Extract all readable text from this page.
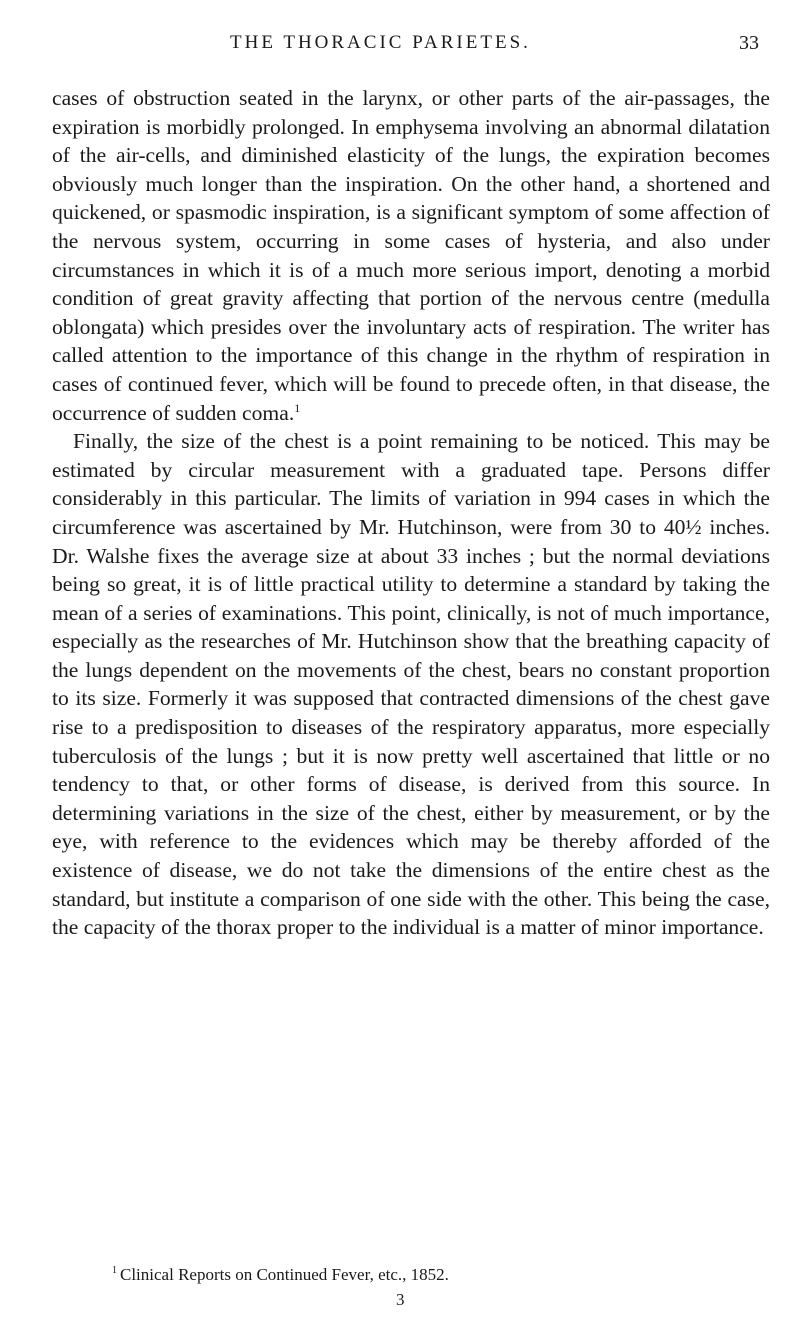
THE THORACIC PARIETES.	33

cases of obstruction seated in the larynx, or other parts of the air-passages, the expiration is morbidly prolonged. In emphysema involving an abnormal dilatation of the air-cells, and diminished elasticity of the lungs, the expiration becomes obviously much longer than the inspiration. On the other hand, a shortened and quickened, or spasmodic inspiration, is a significant symptom of some affection of the nervous system, occurring in some cases of hysteria, and also under circumstances in which it is of a much more serious import, denoting a morbid condition of great gravity affecting that portion of the nervous centre (medulla oblongata) which presides over the involuntary acts of respiration. The writer has called attention to the importance of this change in the rhythm of respiration in cases of continued fever, which will be found to precede often, in that disease, the occurrence of sudden coma.$^1$

Finally, the size of the chest is a point remaining to be noticed. This may be estimated by circular measurement with a graduated tape. Persons differ considerably in this particular. The limits of variation in 994 cases in which the circumference was ascertained by Mr. Hutchinson, were from 30 to 40½ inches. Dr. Walshe fixes the average size at about 33 inches ; but the normal deviations being so great, it is of little practical utility to determine a standard by taking the mean of a series of examinations. This point, clinically, is not of much importance, especially as the researches of Mr. Hutchinson show that the breathing capacity of the lungs dependent on the movements of the chest, bears no constant proportion to its size. Formerly it was supposed that contracted dimensions of the chest gave rise to a predisposition to diseases of the respiratory apparatus, more especially tuberculosis of the lungs ; but it is now pretty well ascertained that little or no tendency to that, or other forms of disease, is derived from this source. In determining variations in the size of the chest, either by measurement, or by the eye, with reference to the evidences which may be thereby afforded of the existence of disease, we do not take the dimensions of the entire chest as the standard, but institute a comparison of one side with the other. This being the case, the capacity of the thorax proper to the individual is a matter of minor importance.

$^1$ Clinical Reports on Continued Fever, etc., 1852.
3
